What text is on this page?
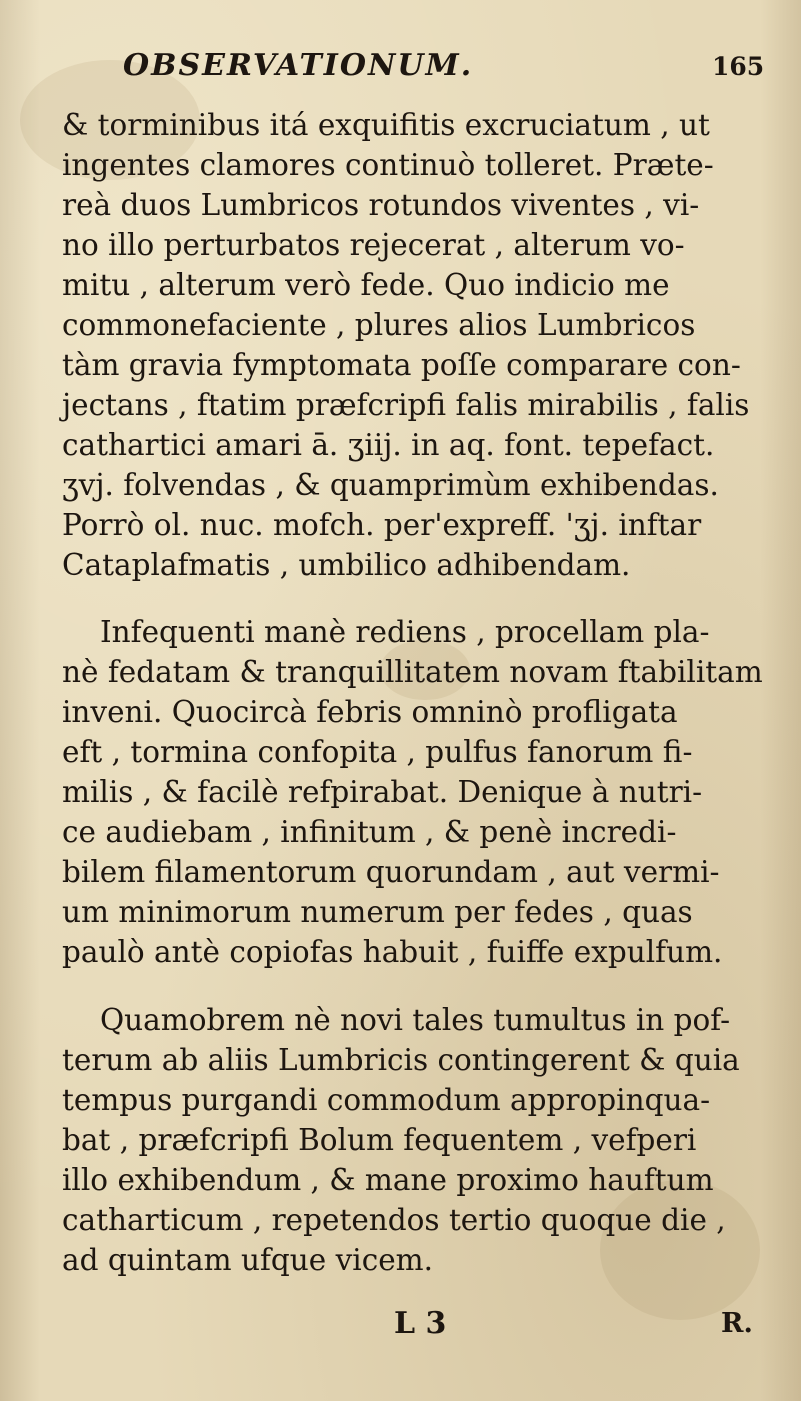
OBSERVATIONUM.	165
& torminibus itá exquifitis excruciatum , ut
ingentes clamores continuò tolleret. Præte-
reà duos Lumbricos rotundos viventes , vi-
no illo perturbatos rejecerat , alterum vo-
mitu , alterum verò fede. Quo indicio me
commonefaciente , plures alios Lumbricos
tàm gravia fymptomata poſſe comparare con-
jectans , ftatim præfcripfi falis mirabilis , falis
cathartici amari ā. ʒiij. in aq. font. tepefact.
ʒvj. folvendas , & quamprimùm exhibendas.
Porrò ol. nuc. mofch. per'expreff. 'ʒj. inftar
Cataplafmatis , umbilico adhibendam.
Infequenti manè rediens , procellam pla-
nè fedatam & tranquillitatem novam ftabilitam
inveni. Quocircà febris omninò profligata
eft , tormina confopita , pulfus fanorum fi-
milis , & facilè refpirabat. Denique à nutri-
ce audiebam , infinitum , & penè incredi-
bilem filamentorum quorundam , aut vermi-
um minimorum numerum per fedes , quas
paulò antè copiofas habuit , fuiffe expulfum.
Quamobrem nè novi tales tumultus in pof-
terum ab aliis Lumbricis contingerent & quia
tempus purgandi commodum appropinqua-
bat , præfcripfi Bolum fequentem , vefperi
illo exhibendum , & mane proximo hauftum
catharticum , repetendos tertio quoque die ,
ad quintam ufque vicem.
L 3	R.
